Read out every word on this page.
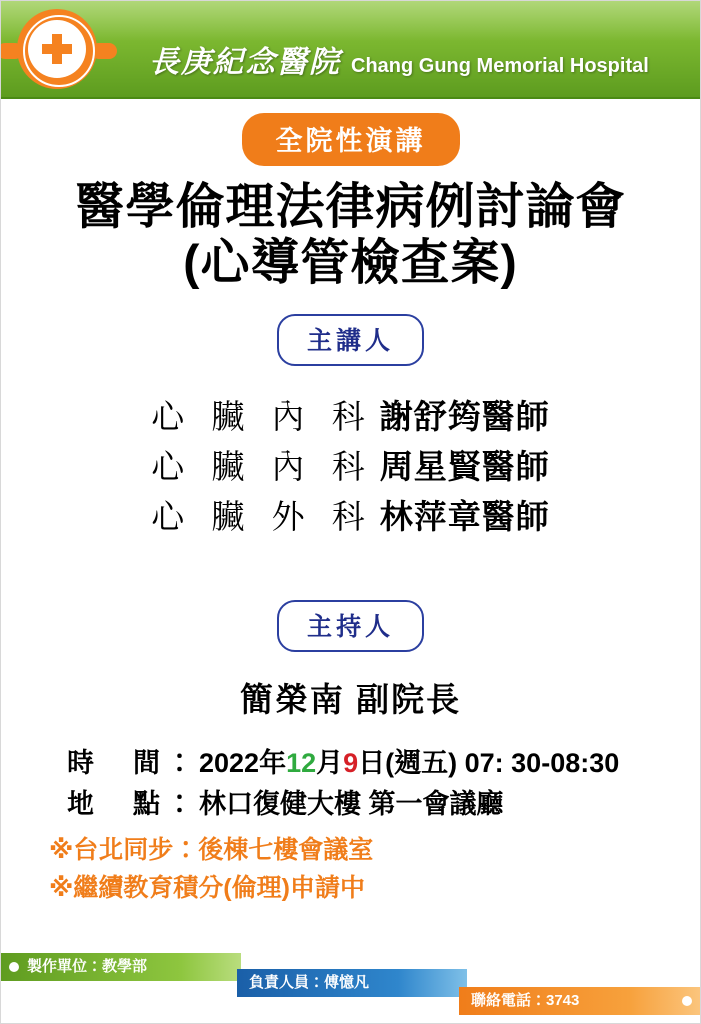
長庚紀念醫院 Chang Gung Memorial Hospital
全院性演講
醫學倫理法律病例討論會
(心導管檢查案)
主講人
心 臟 內 科 謝舒筠醫師
心 臟 內 科 周星賢醫師
心 臟 外 科 林萍章醫師
主持人
簡榮南 副院長
時　間：2022年12月9日(週五) 07: 30-08:30
地　點：林口復健大樓 第一會議廳
※台北同步：後棟七樓會議室
※繼續教育積分(倫理)申請中
製作單位：教學部
負責人員：傅憶凡
聯絡電話：3743
